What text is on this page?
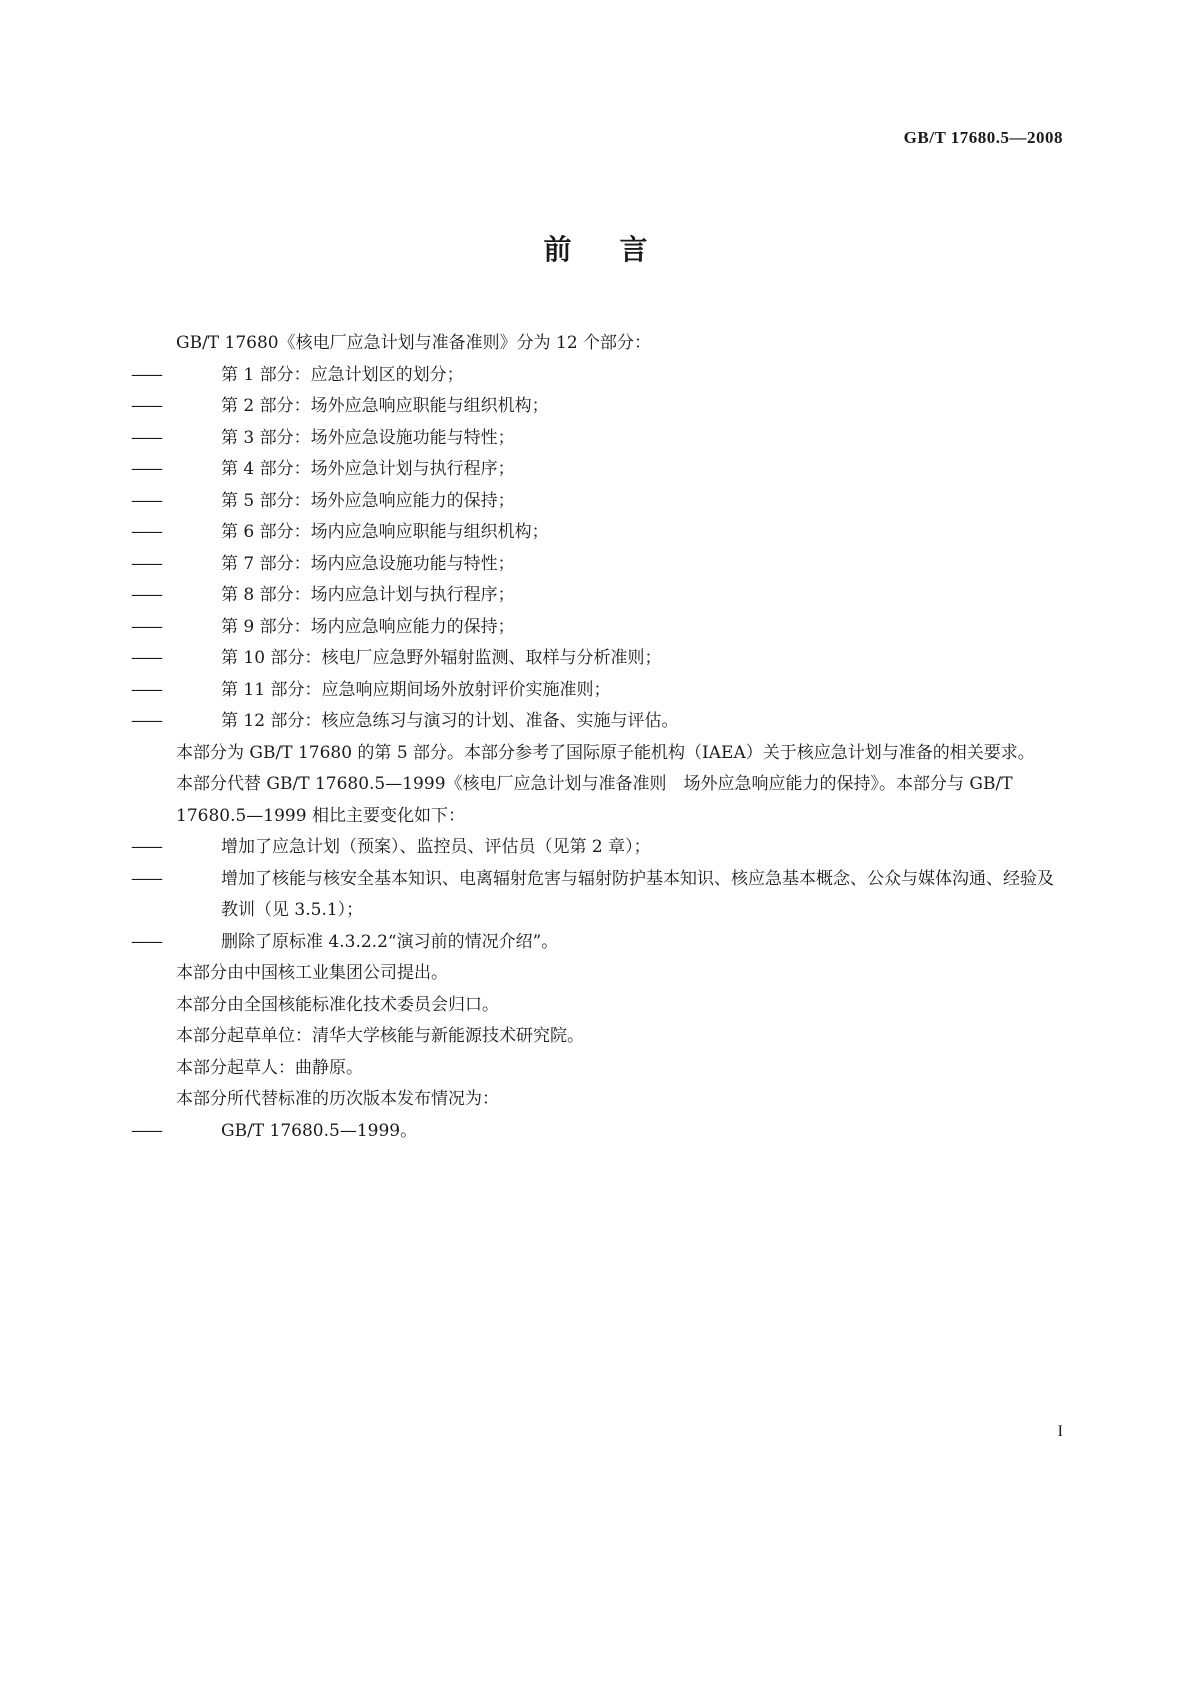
GB/T 17680.5—2008
前言

GB/T 17680《核电厂应急计划与准备准则》分为 12 个部分：

——	第 1 部分：应急计划区的划分；

——	第 2 部分：场外应急响应职能与组织机构；

——	第 3 部分：场外应急设施功能与特性；

——	第 4 部分：场外应急计划与执行程序；

——	第 5 部分：场外应急响应能力的保持；

——	第 6 部分：场内应急响应职能与组织机构；

——	第 7 部分：场内应急设施功能与特性；

——	第 8 部分：场内应急计划与执行程序；

——	第 9 部分：场内应急响应能力的保持；

——	第 10 部分：核电厂应急野外辐射监测、取样与分析准则；

——	第 11 部分：应急响应期间场外放射评价实施准则；

——	第 12 部分：核应急练习与演习的计划、准备、实施与评估。

本部分为 GB/T 17680 的第 5 部分。本部分参考了国际原子能机构（IAEA）关于核应急计划与准备的相关要求。

本部分代替 GB/T 17680.5—1999《核电厂应急计划与准备准则　场外应急响应能力的保持》。本部分与 GB/T 17680.5—1999 相比主要变化如下：

——	增加了应急计划（预案）、监控员、评估员（见第 2 章）；

——	增加了核能与核安全基本知识、电离辐射危害与辐射防护基本知识、核应急基本概念、公众与媒体沟通、经验及教训（见 3.5.1）；

——	删除了原标准 4.3.2.2“演习前的情况介绍”。

本部分由中国核工业集团公司提出。

本部分由全国核能标准化技术委员会归口。

本部分起草单位：清华大学核能与新能源技术研究院。

本部分起草人：曲静原。

本部分所代替标准的历次版本发布情况为：

——	GB/T 17680.5—1999。

I
